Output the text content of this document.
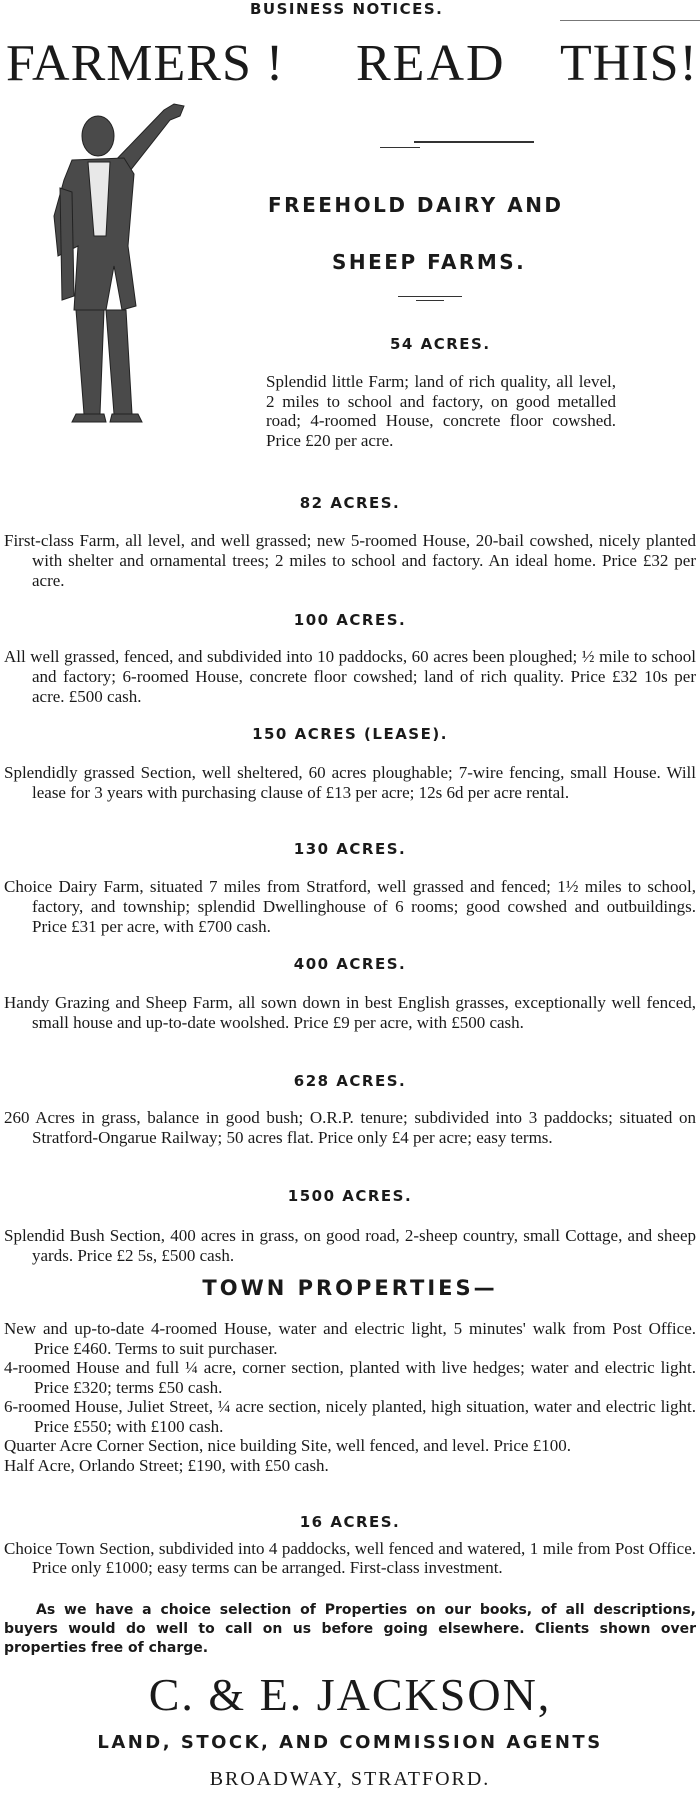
BUSINESS NOTICES.
FARMERS ! READ THIS!
FREEHOLD DAIRY AND
SHEEP FARMS.
54 ACRES.
Splendid little Farm; land of rich quality, all level, 2 miles to school and factory, on good metalled road; 4-roomed House, concrete floor cowshed. Price £20 per acre.
82 ACRES.
First-class Farm, all level, and well grassed; new 5-roomed House, 20-bail cowshed, nicely planted with shelter and ornamental trees; 2 miles to school and factory. An ideal home. Price £32 per acre.
100 ACRES.
All well grassed, fenced, and subdivided into 10 paddocks, 60 acres been ploughed; ½ mile to school and factory; 6-roomed House, concrete floor cowshed; land of rich quality. Price £32 10s per acre. £500 cash.
150 ACRES (LEASE).
Splendidly grassed Section, well sheltered, 60 acres ploughable; 7-wire fencing, small House. Will lease for 3 years with purchasing clause of £13 per acre; 12s 6d per acre rental.
130 ACRES.
Choice Dairy Farm, situated 7 miles from Stratford, well grassed and fenced; 1½ miles to school, factory, and township; splendid Dwellinghouse of 6 rooms; good cowshed and outbuildings. Price £31 per acre, with £700 cash.
400 ACRES.
Handy Grazing and Sheep Farm, all sown down in best English grasses, exceptionally well fenced, small house and up-to-date woolshed. Price £9 per acre, with £500 cash.
628 ACRES.
260 Acres in grass, balance in good bush; O.R.P. tenure; subdivided into 3 paddocks; situated on Stratford-Ongarue Railway; 50 acres flat. Price only £4 per acre; easy terms.
1500 ACRES.
Splendid Bush Section, 400 acres in grass, on good road, 2-sheep country, small Cottage, and sheep yards. Price £2 5s, £500 cash.
TOWN PROPERTIES—

New and up-to-date 4-roomed House, water and electric light, 5 minutes' walk from Post Office. Price £460. Terms to suit purchaser.

4-roomed House and full ¼ acre, corner section, planted with live hedges; water and electric light. Price £320; terms £50 cash.

6-roomed House, Juliet Street, ¼ acre section, nicely planted, high situation, water and electric light. Price £550; with £100 cash.

Quarter Acre Corner Section, nice building Site, well fenced, and level. Price £100.

Half Acre, Orlando Street; £190, with £50 cash.

16 ACRES.
Choice Town Section, subdivided into 4 paddocks, well fenced and watered, 1 mile from Post Office. Price only £1000; easy terms can be arranged. First-class investment.
As we have a choice selection of Properties on our books, of all descriptions, buyers would do well to call on us before going elsewhere. Clients shown over properties free of charge.
C. & E. JACKSON,
LAND, STOCK, AND COMMISSION AGENTS
BROADWAY, STRATFORD.
